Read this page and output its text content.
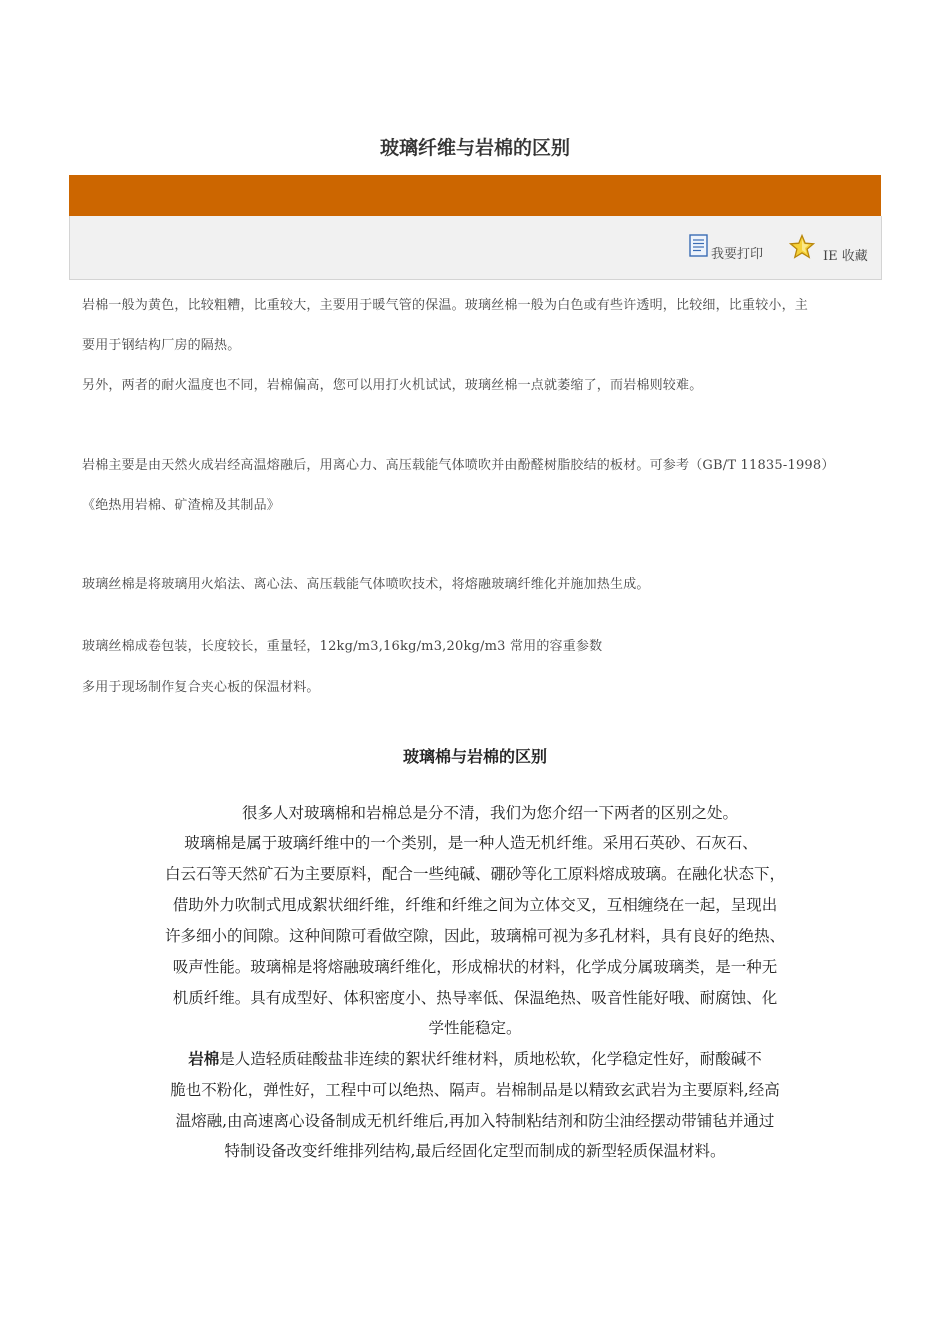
玻璃纤维与岩棉的区别
我要打印	IE 收藏
岩棉一般为黄色，比较粗糟，比重较大，主要用于暖气管的保温。玻璃丝棉一般为白色或有些许透明，比较细，比重较小，主
要用于钢结构厂房的隔热。
另外，两者的耐火温度也不同，岩棉偏高，您可以用打火机试试，玻璃丝棉一点就萎缩了，而岩棉则较难。
岩棉主要是由天然火成岩经高温熔融后，用离心力、高压载能气体喷吹并由酚醛树脂胶结的板材。可参考（GB/T 11835-1998）
《绝热用岩棉、矿渣棉及其制品》
玻璃丝棉是将玻璃用火焰法、离心法、高压载能气体喷吹技术，将熔融玻璃纤维化并施加热生成。
玻璃丝棉成卷包装，长度较长，重量轻，12kg/m3,16kg/m3,20kg/m3 常用的容重参数
多用于现场制作复合夹心板的保温材料。
玻璃棉与岩棉的区别
很多人对玻璃棉和岩棉总是分不清，我们为您介绍一下两者的区别之处。
玻璃棉是属于玻璃纤维中的一个类别，是一种人造无机纤维。采用石英砂、石灰石、
白云石等天然矿石为主要原料，配合一些纯碱、硼砂等化工原料熔成玻璃。在融化状态下，
借助外力吹制式甩成絮状细纤维，纤维和纤维之间为立体交叉，互相缠绕在一起，呈现出
许多细小的间隙。这种间隙可看做空隙，因此，玻璃棉可视为多孔材料，具有良好的绝热、
吸声性能。玻璃棉是将熔融玻璃纤维化，形成棉状的材料，化学成分属玻璃类，是一种无
机质纤维。具有成型好、体积密度小、热导率低、保温绝热、吸音性能好哦、耐腐蚀、化
学性能稳定。
岩棉是人造轻质硅酸盐非连续的絮状纤维材料，质地松软，化学稳定性好，耐酸碱不
脆也不粉化，弹性好，工程中可以绝热、隔声。岩棉制品是以精致玄武岩为主要原料,经高
温熔融,由高速离心设备制成无机纤维后,再加入特制粘结剂和防尘油经摆动带铺毡并通过
特制设备改变纤维排列结构,最后经固化定型而制成的新型轻质保温材料。
